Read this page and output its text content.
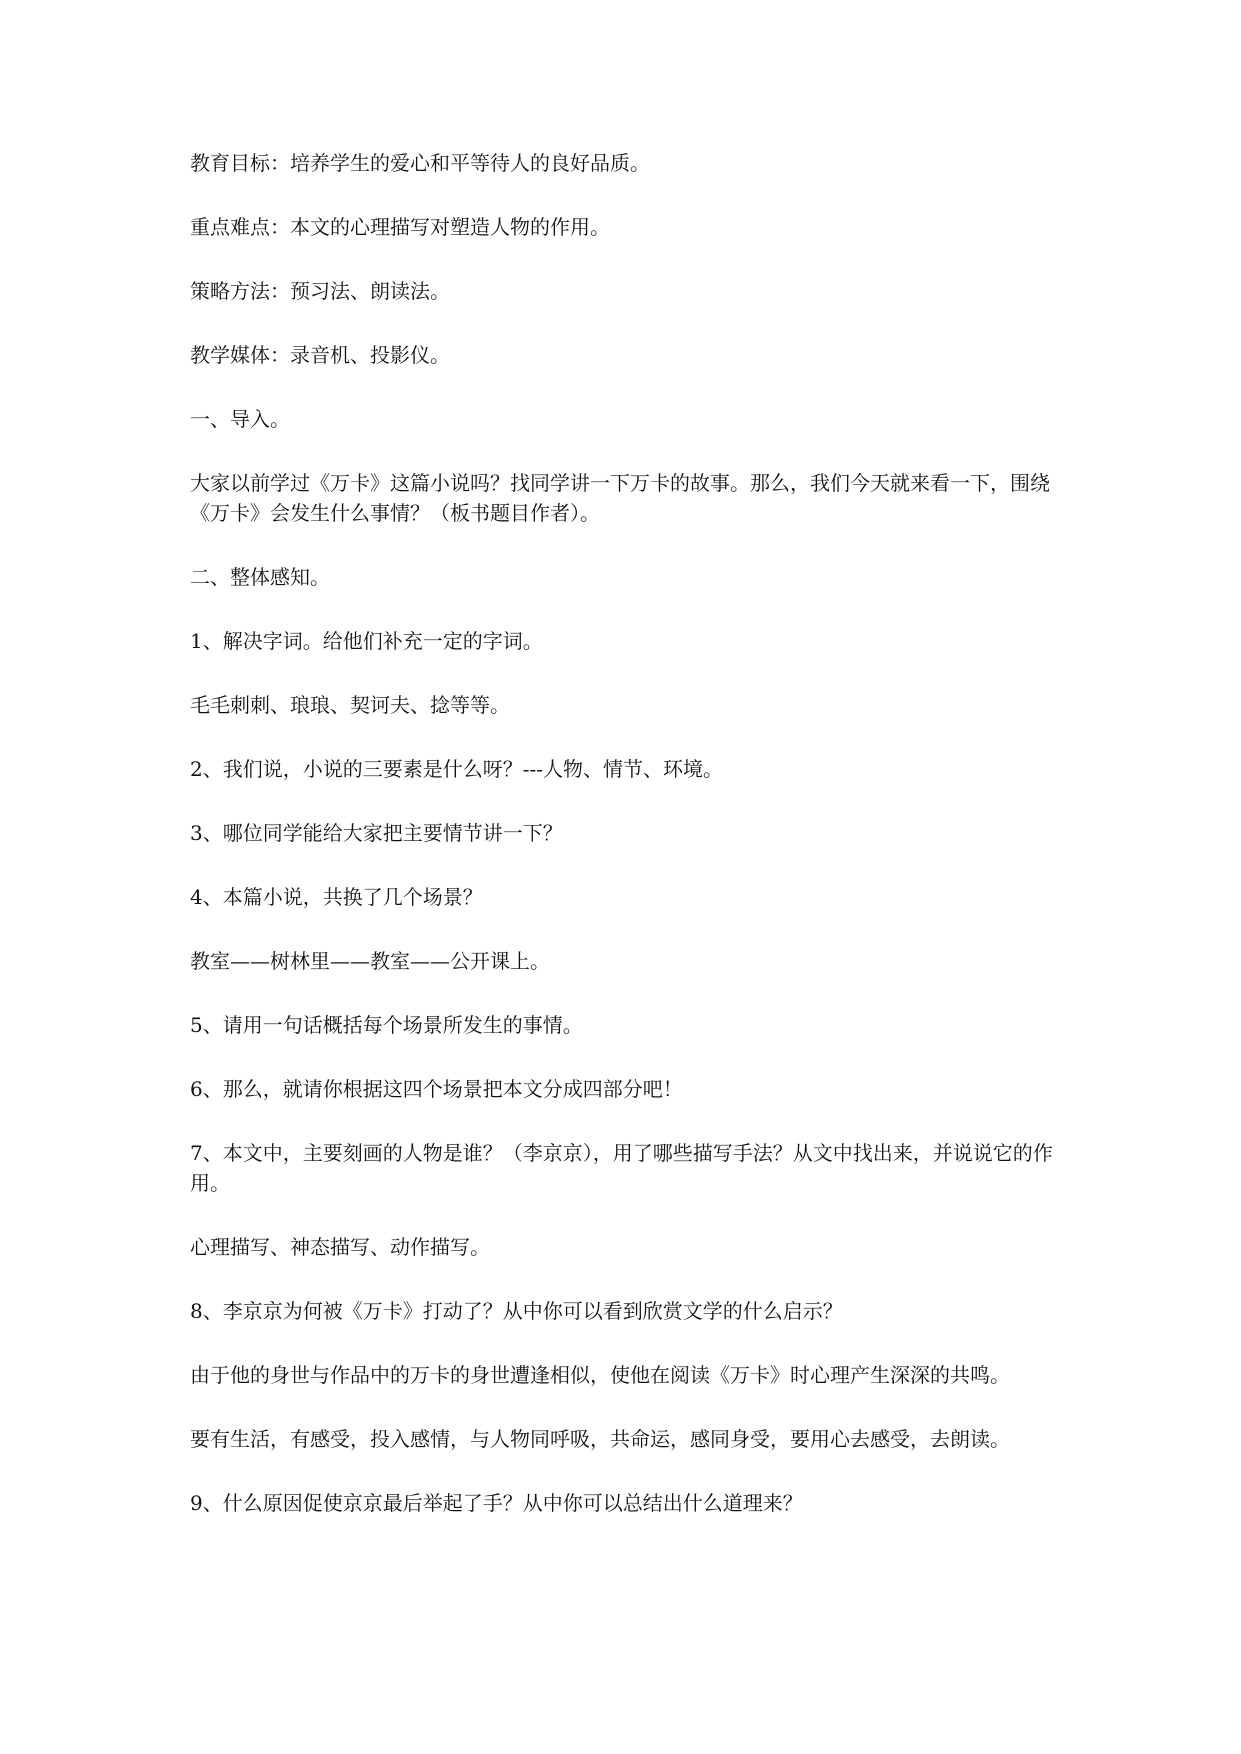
教育目标：培养学生的爱心和平等待人的良好品质。

重点难点：本文的心理描写对塑造人物的作用。

策略方法：预习法、朗读法。

教学媒体：录音机、投影仪。

一、导入。

大家以前学过《万卡》这篇小说吗？找同学讲一下万卡的故事。那么，我们今天就来看一下，围绕《万卡》会发生什么事情？（板书题目作者）。

二、整体感知。

1、解决字词。给他们补充一定的字词。

毛毛刺刺、琅琅、契诃夫、捻等等。

2、我们说，小说的三要素是什么呀？---人物、情节、环境。

3、哪位同学能给大家把主要情节讲一下？

4、本篇小说，共换了几个场景？

教室——树林里——教室——公开课上。

5、请用一句话概括每个场景所发生的事情。

6、那么，就请你根据这四个场景把本文分成四部分吧！

7、本文中，主要刻画的人物是谁？（李京京），用了哪些描写手法？从文中找出来，并说说它的作用。

心理描写、神态描写、动作描写。

8、李京京为何被《万卡》打动了？从中你可以看到欣赏文学的什么启示？

由于他的身世与作品中的万卡的身世遭逢相似，使他在阅读《万卡》时心理产生深深的共鸣。

要有生活，有感受，投入感情，与人物同呼吸，共命运，感同身受，要用心去感受，去朗读。

9、什么原因促使京京最后举起了手？从中你可以总结出什么道理来？
